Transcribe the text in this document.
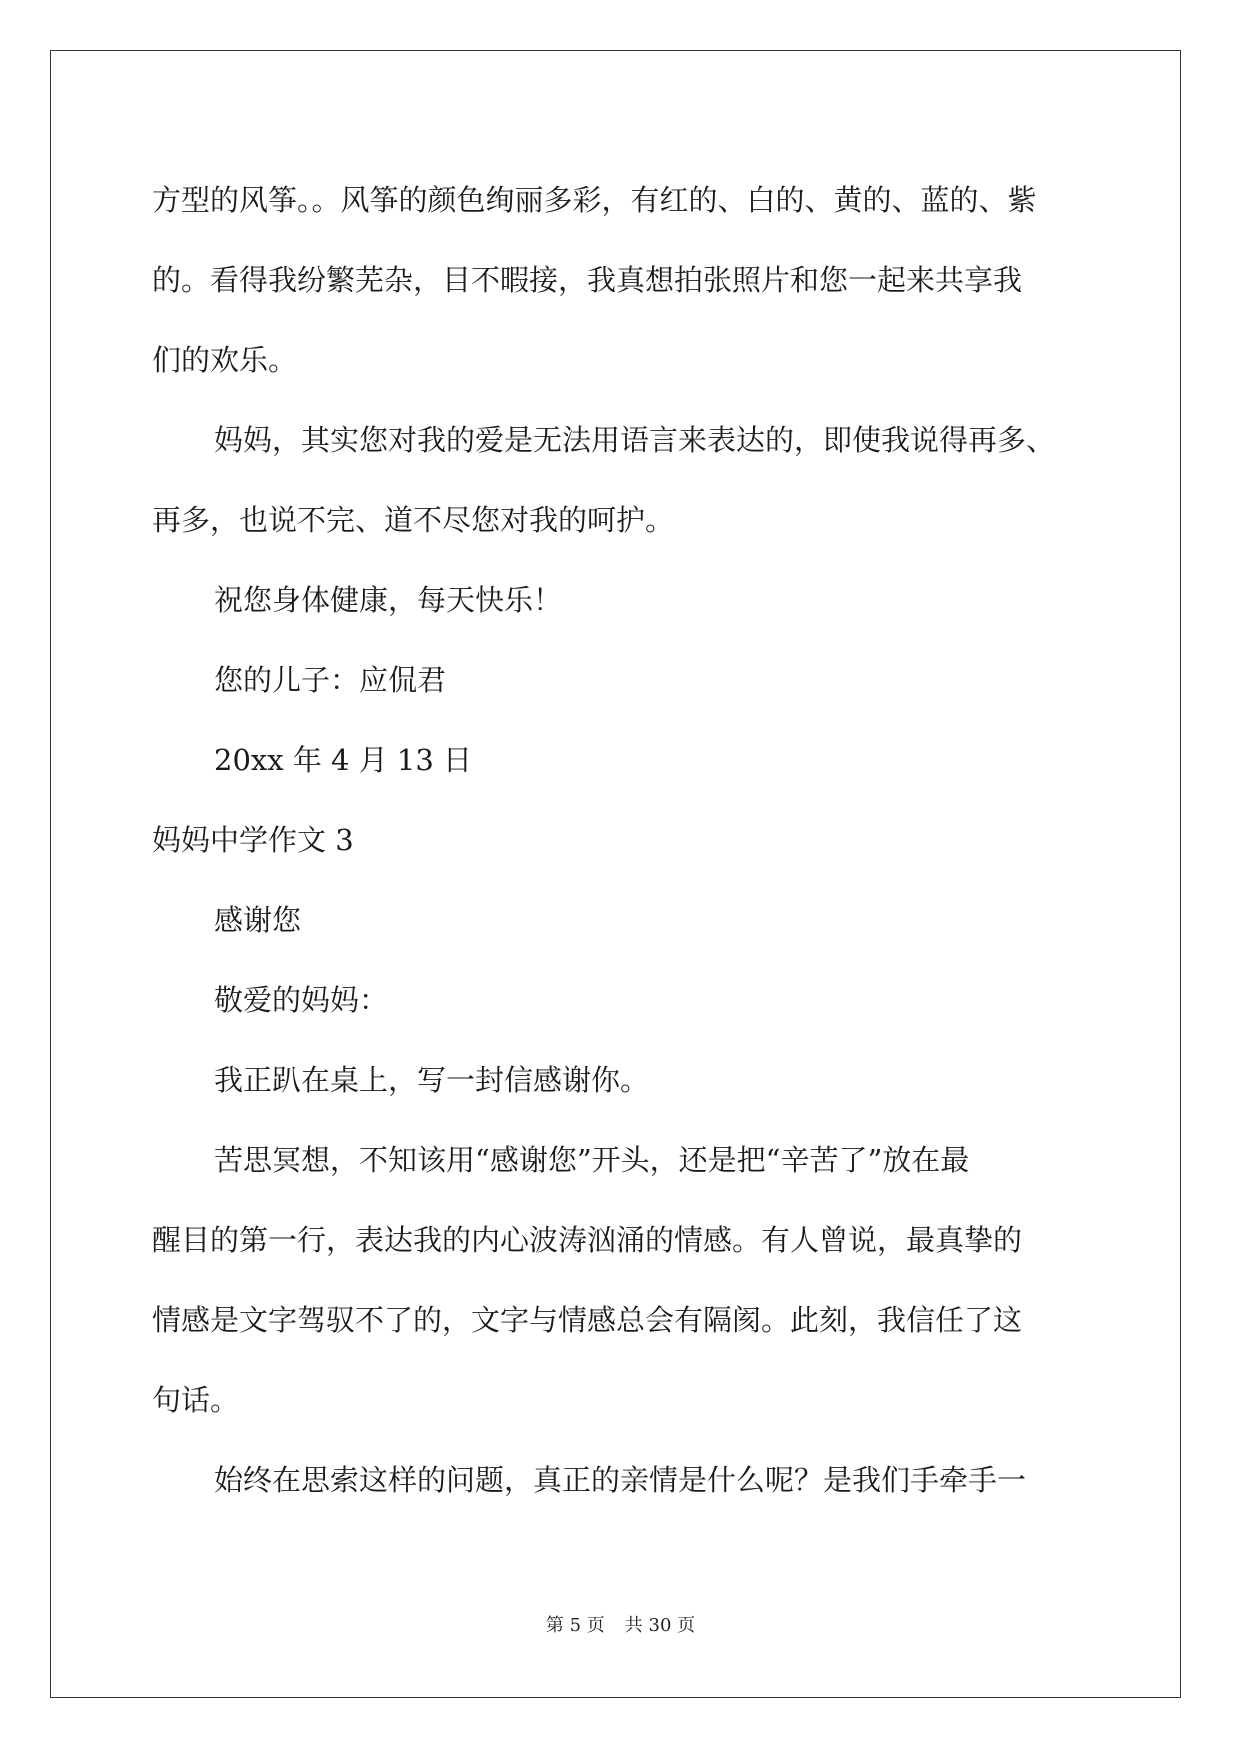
方型的风筝。。风筝的颜色绚丽多彩，有红的、白的、黄的、蓝的、紫

的。看得我纷繁芜杂，目不暇接，我真想拍张照片和您一起来共享我

们的欢乐。

妈妈，其实您对我的爱是无法用语言来表达的，即使我说得再多、

再多，也说不完、道不尽您对我的呵护。

祝您身体健康，每天快乐！

您的儿子：应侃君

20xx 年 4 月 13 日

妈妈中学作文 3

感谢您

敬爱的妈妈：

我正趴在桌上，写一封信感谢你。

苦思冥想，不知该用“感谢您”开头，还是把“辛苦了”放在最

醒目的第一行，表达我的内心波涛汹涌的情感。有人曾说，最真挚的

情感是文字驾驭不了的，文字与情感总会有隔阂。此刻，我信任了这

句话。

始终在思索这样的问题，真正的亲情是什么呢？是我们手牵手一

第 5 页 共 30 页
